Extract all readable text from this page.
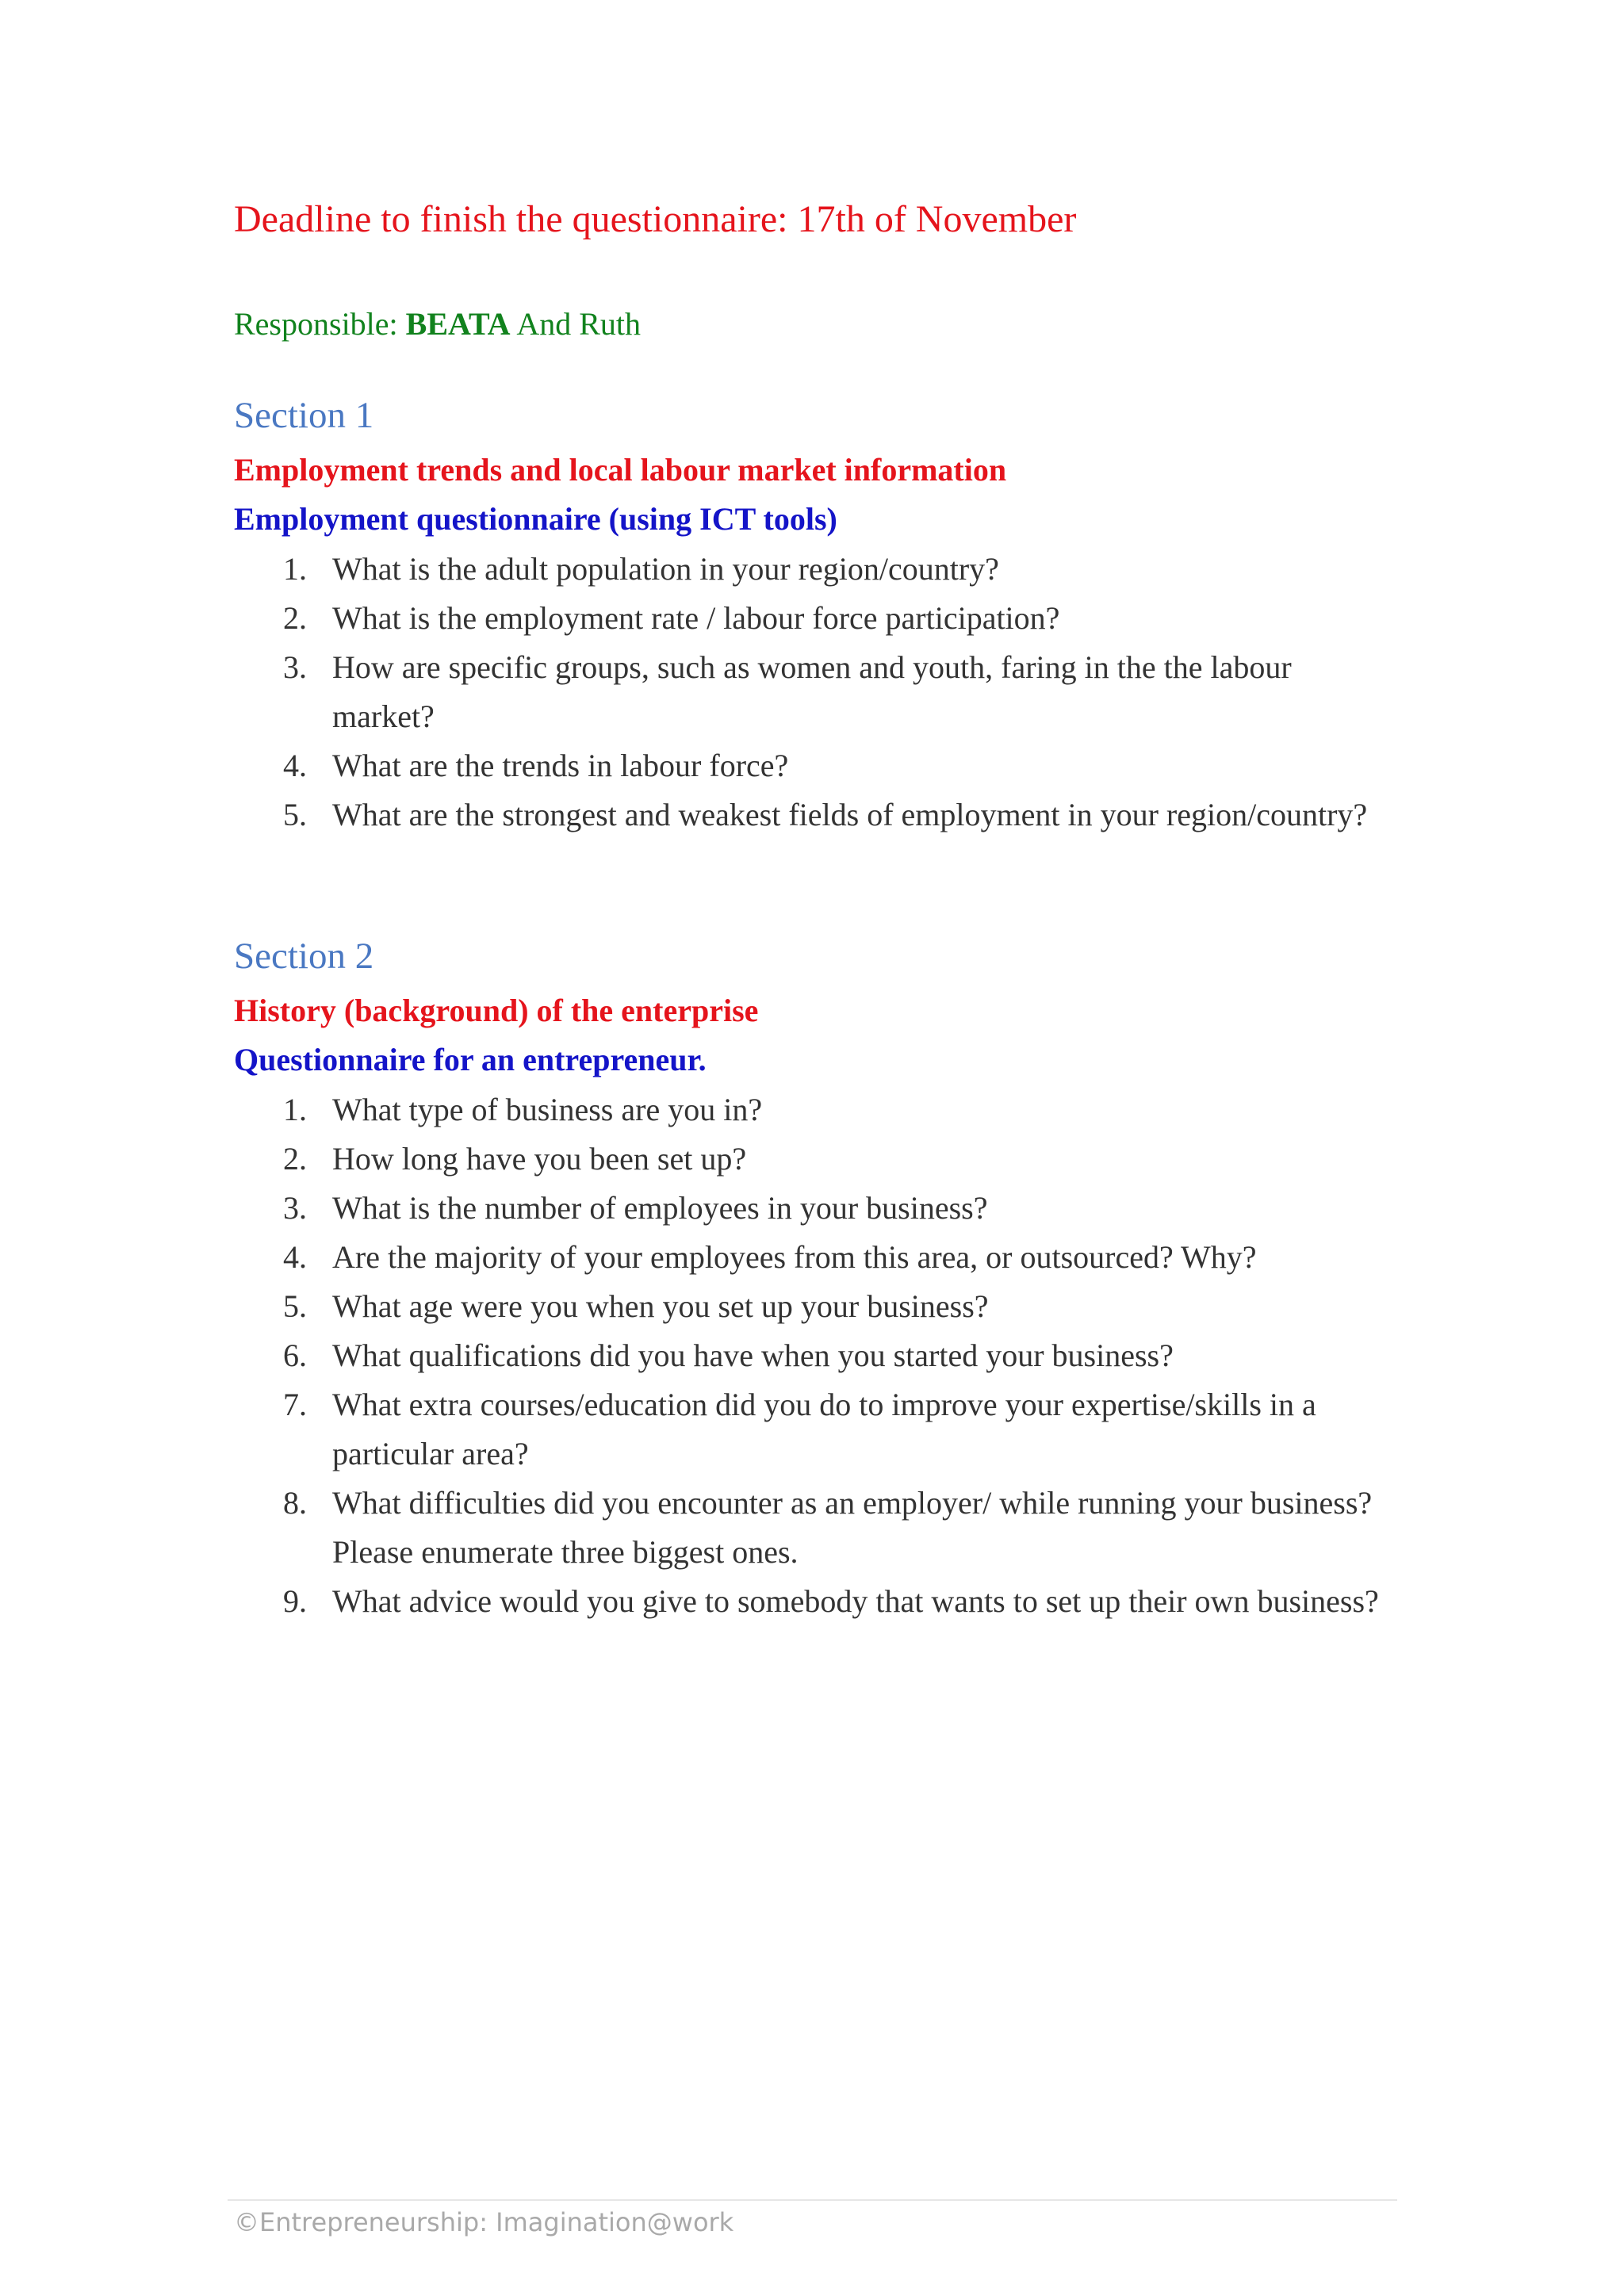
Deadline to finish the questionnaire: 17th of November
Responsible: BEATA And Ruth
Section 1
Employment trends and local labour market information
Employment questionnaire (using ICT tools)
1. What is the adult population in your region/country?
2. What is the employment rate / labour force participation?
3. How are specific groups, such as women and youth, faring in the the labour market?
4. What are the trends in labour force?
5. What are the strongest and weakest fields of employment in your region/country?
Section 2
History (background) of the enterprise
Questionnaire for an entrepreneur.
1. What type of business are you in?
2. How long have you been set up?
3. What is the number of employees in your business?
4. Are the majority of your employees from this area, or outsourced? Why?
5. What age were you when you set up your business?
6. What qualifications did you have when you started your business?
7. What extra courses/education did you do to improve your expertise/skills in a particular area?
8. What difficulties did you encounter as an employer/ while running your business? Please enumerate three biggest ones.
9. What advice would you give to somebody that wants to set up their own business?
©Entrepreneurship: Imagination@work
